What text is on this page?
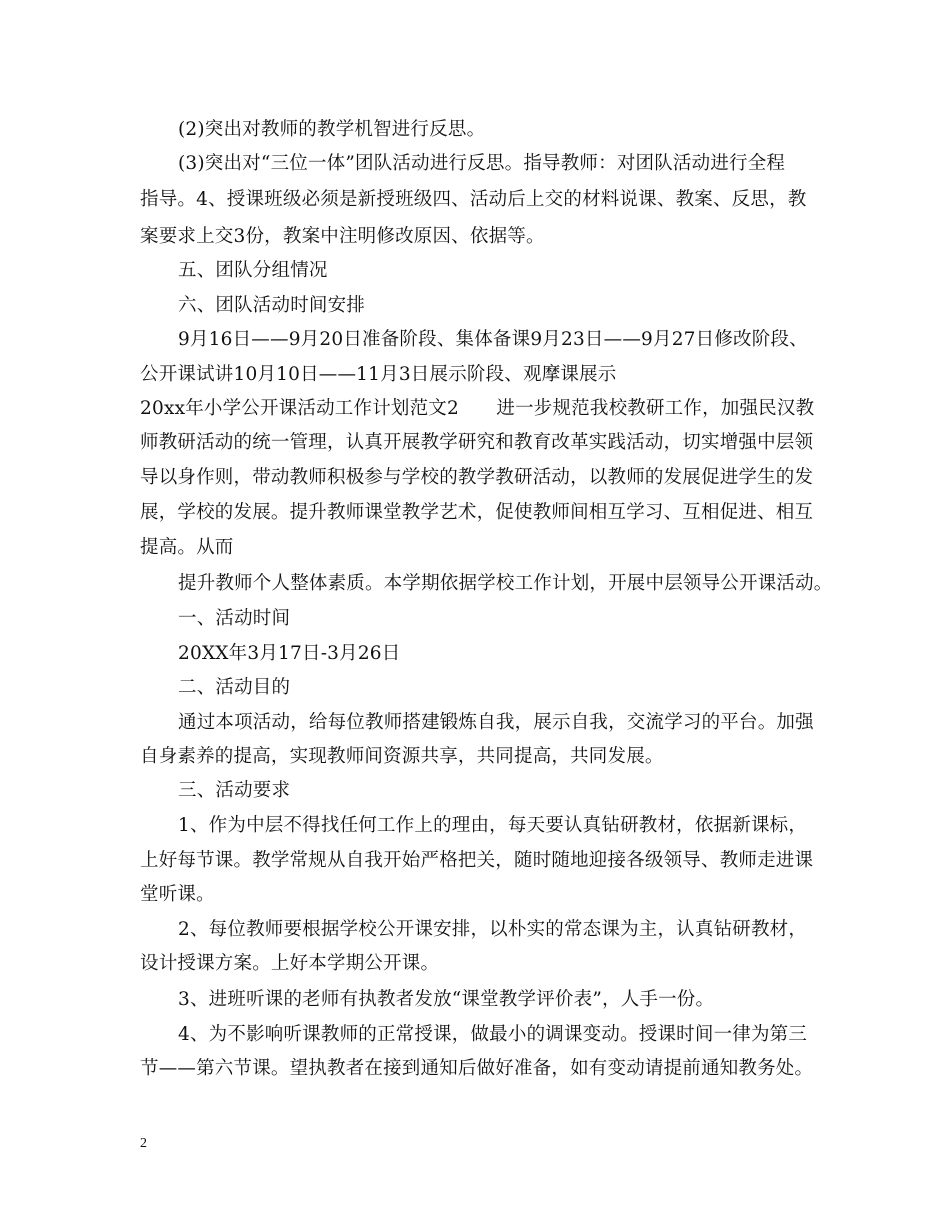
(2)突出对教师的教学机智进行反思。
(3)突出对“三位一体”团队活动进行反思。指导教师：对团队活动进行全程
指导。4、授课班级必须是新授班级四、活动后上交的材料说课、教案、反思，教
案要求上交3份，教案中注明修改原因、依据等。
五、团队分组情况
六、团队活动时间安排
9月16日——9月20日准备阶段、集体备课9月23日——9月27日修改阶段、
公开课试讲10月10日——11月3日展示阶段、观摩课展示
20xx年小学公开课活动工作计划范文2　　进一步规范我校教研工作，加强民汉教
师教研活动的统一管理，认真开展教学研究和教育改革实践活动，切实增强中层领
导以身作则，带动教师积极参与学校的教学教研活动，以教师的发展促进学生的发
展，学校的发展。提升教师课堂教学艺术，促使教师间相互学习、互相促进、相互
提高。从而
提升教师个人整体素质。本学期依据学校工作计划，开展中层领导公开课活动。
一、活动时间
20XX年3月17日-3月26日
二、活动目的
通过本项活动，给每位教师搭建锻炼自我，展示自我，交流学习的平台。加强
自身素养的提高，实现教师间资源共享，共同提高，共同发展。
三、活动要求
1、作为中层不得找任何工作上的理由，每天要认真钻研教材，依据新课标，
上好每节课。教学常规从自我开始严格把关，随时随地迎接各级领导、教师走进课
堂听课。
2、每位教师要根据学校公开课安排，以朴实的常态课为主，认真钻研教材，
设计授课方案。上好本学期公开课。
3、进班听课的老师有执教者发放“课堂教学评价表”，人手一份。
4、为不影响听课教师的正常授课，做最小的调课变动。授课时间一律为第三
节——第六节课。望执教者在接到通知后做好准备，如有变动请提前通知教务处。
2
